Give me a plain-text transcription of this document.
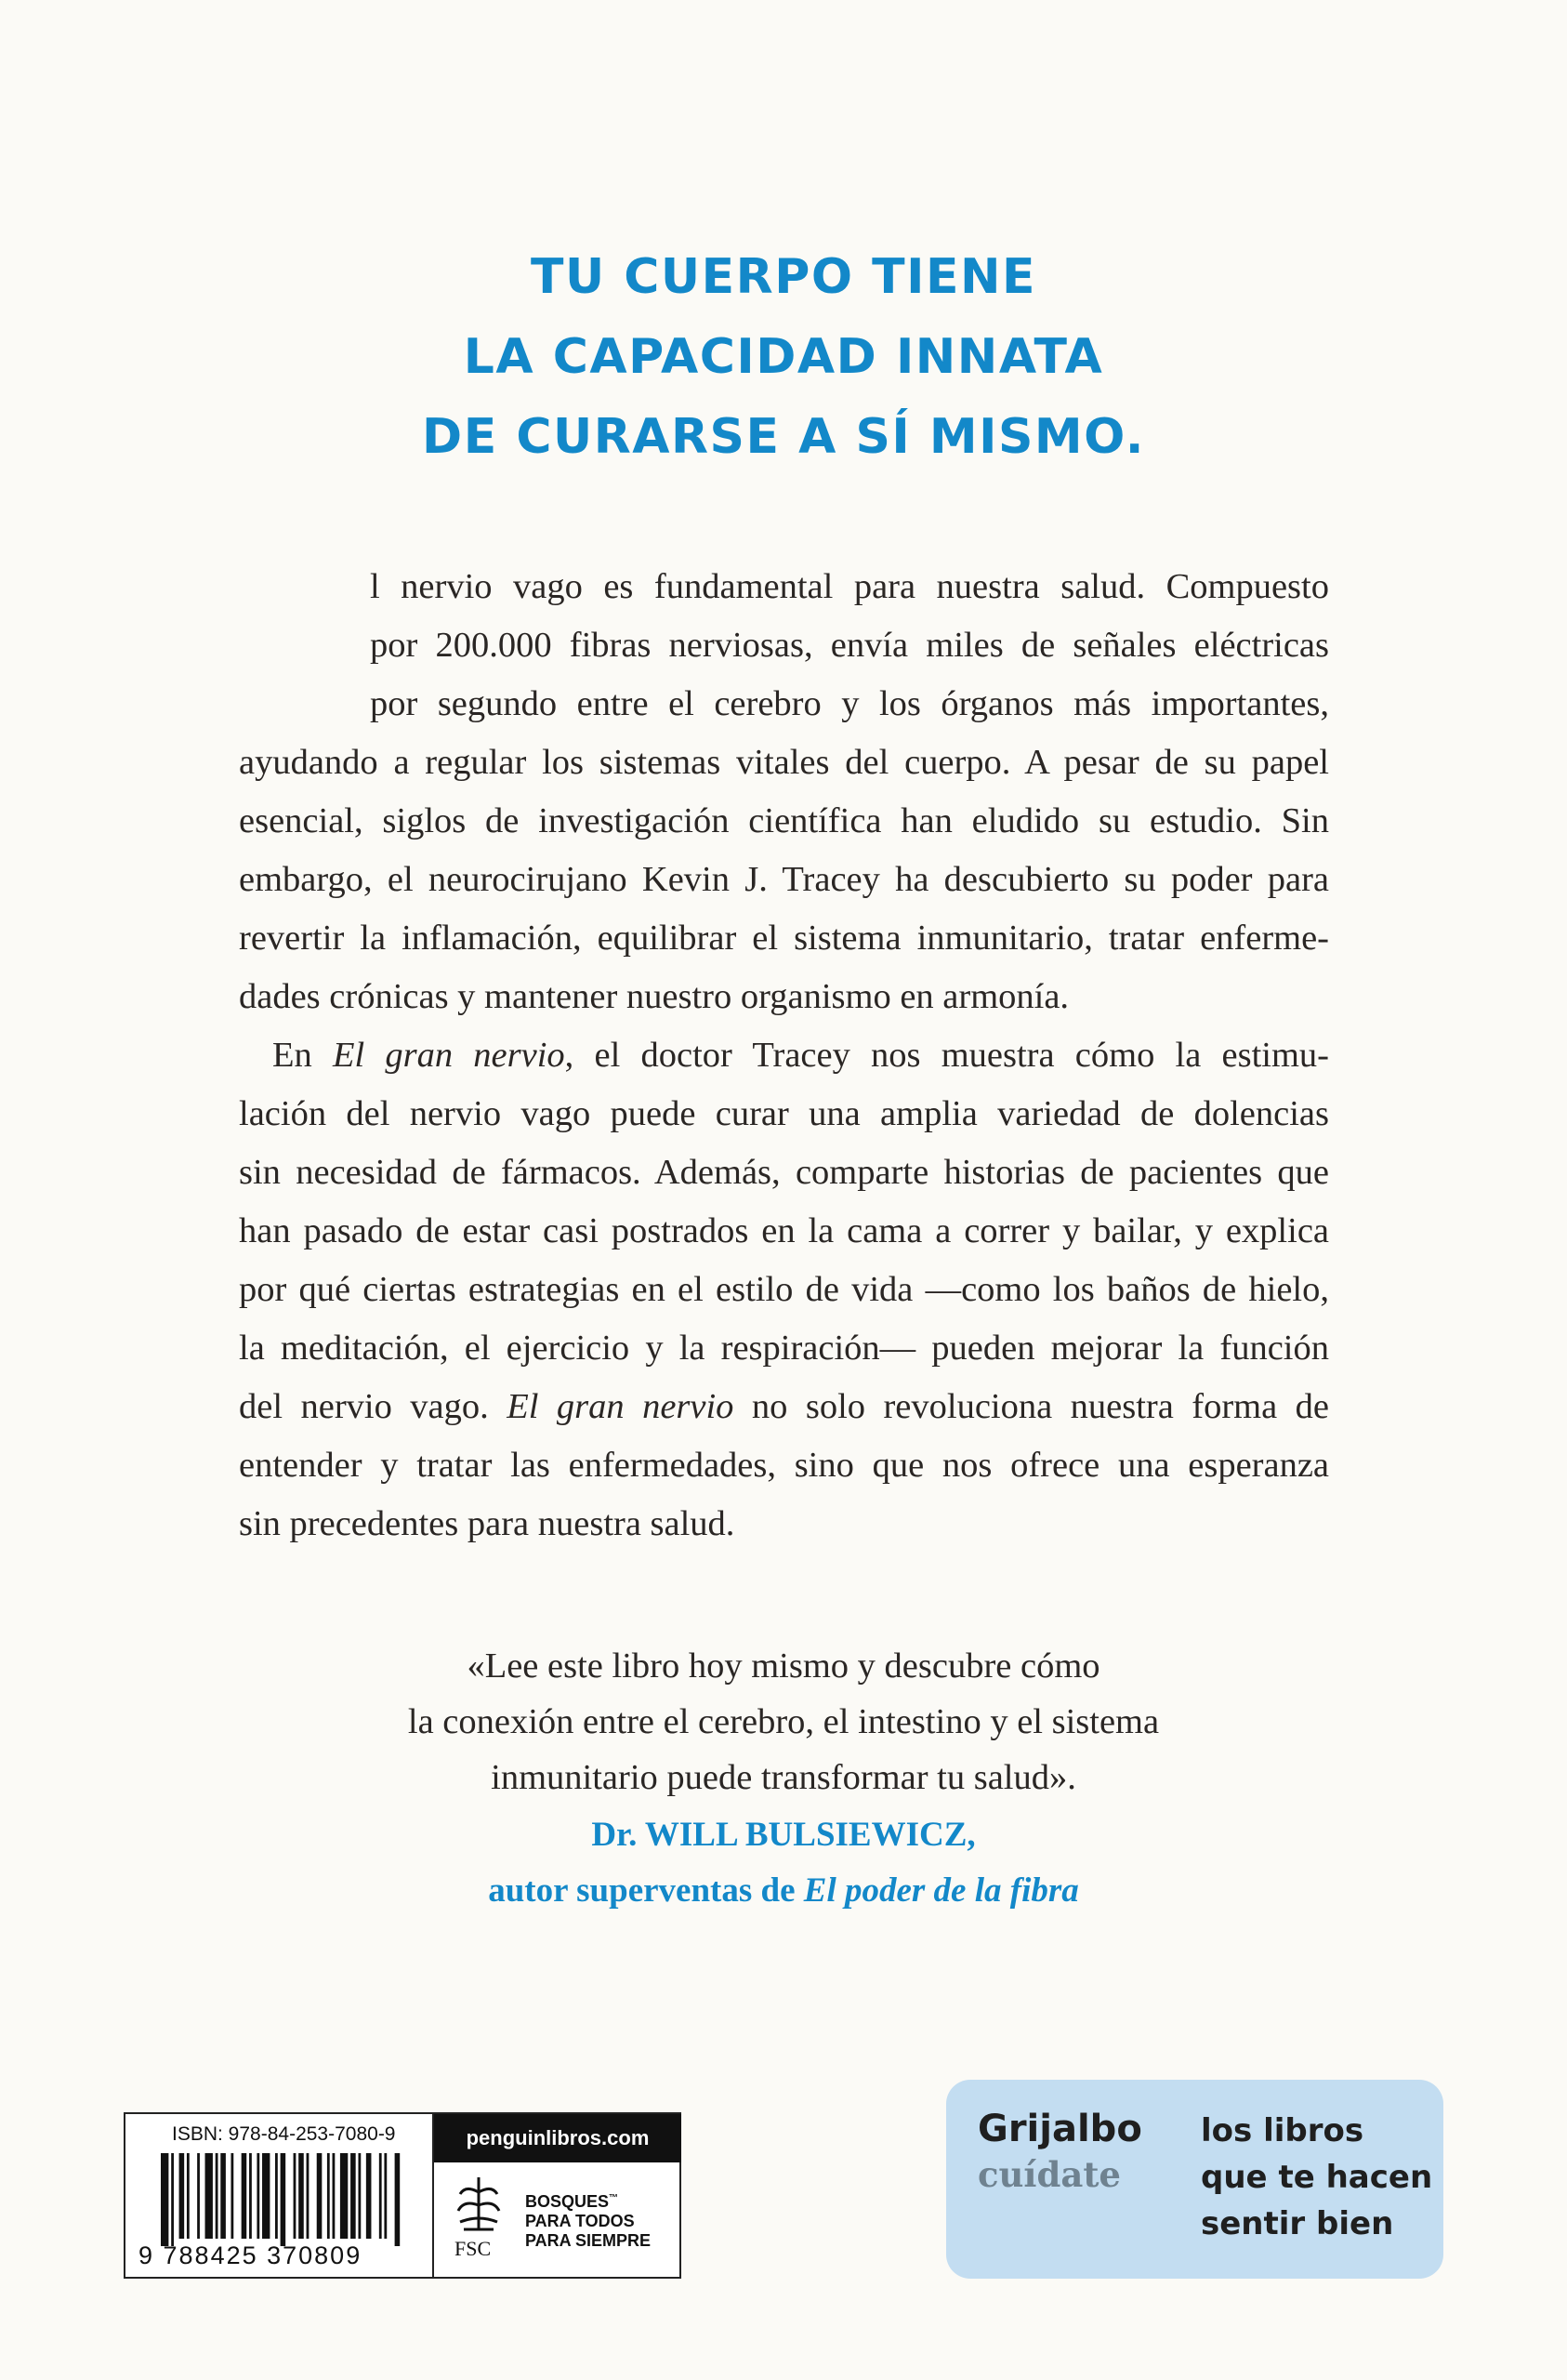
TU CUERPO TIENE
LA CAPACIDAD INNATA
DE CURARSE A SÍ MISMO.
l nervio vago es fundamental para nuestra salud. Compuesto
por 200.000 fibras nerviosas, envía miles de señales eléctricas
por segundo entre el cerebro y los órganos más importantes,
ayudando a regular los sistemas vitales del cuerpo. A pesar de su papel
esencial, siglos de investigación científica han eludido su estudio. Sin
embargo, el neurocirujano Kevin J. Tracey ha descubierto su poder para
revertir la inflamación, equilibrar el sistema inmunitario, tratar enferme-
dades crónicas y mantener nuestro organismo en armonía.
En El gran nervio, el doctor Tracey nos muestra cómo la estimu-
lación del nervio vago puede curar una amplia variedad de dolencias
sin necesidad de fármacos. Además, comparte historias de pacientes que
han pasado de estar casi postrados en la cama a correr y bailar, y explica
por qué ciertas estrategias en el estilo de vida —como los baños de hielo,
la meditación, el ejercicio y la respiración— pueden mejorar la función
del nervio vago. El gran nervio no solo revoluciona nuestra forma de
entender y tratar las enfermedades, sino que nos ofrece una esperanza
sin precedentes para nuestra salud.
«Lee este libro hoy mismo y descubre cómo
la conexión entre el cerebro, el intestino y el sistema
inmunitario puede transformar tu salud».
Dr. WILL BULSIEWICZ,
autor superventas de El poder de la fibra
ISBN: 978-84-253-7080-9
9 788425 370809
penguinlibros.com
FSC
BOSQUES™
PARA TODOS
PARA SIEMPRE
Grijalbo
cuídate
los libros
que te hacen
sentir bien
